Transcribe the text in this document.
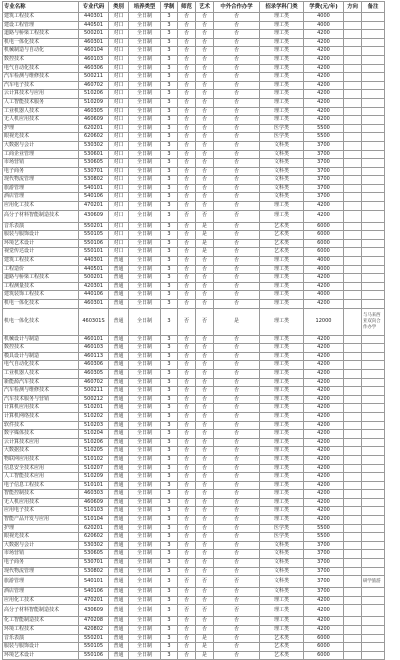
专业名称	专业代码	类别	培养类型	学制	师范	艺术	中外合作办学	招录学科门类	学费(元/年)	方向	备注
建筑工程技术	440301	对口	全日制	3	否	否	否	理工类	4000		
建设工程管理	440501	对口	全日制	3	否	否	否	理工类	4000		
道路与桥梁工程技术	500201	对口	全日制	3	否	否	否	理工类	4200		
机电一体化技术	460301	对口	全日制	3	否	否	否	理工类	4200		
机械制造与自动化	460104	对口	全日制	3	否	否	否	理工类	4200		
数控技术	460103	对口	全日制	3	否	否	否	理工类	4200		
电气自动化技术	460306	对口	全日制	3	否	否	否	理工类	4200		
汽车检测与维修技术	500211	对口	全日制	3	否	否	否	理工类	4200		
汽车电子技术	460702	对口	全日制	3	否	否	否	理工类	4200		
云计算技术与应用	510206	对口	全日制	3	否	否	否	理工类	4200		
人工智能技术服务	510209	对口	全日制	3	否	否	否	理工类	4200		
工业机器人技术	460305	对口	全日制	3	否	否	否	理工类	4200		
无人机应用技术	460609	对口	全日制	3	否	否	否	理工类	4200		
护理	620201	对口	全日制	3	否	否	否	医学类	5500		
眼视光技术	620602	对口	全日制	3	否	否	否	医学类	5500		
大数据与会计	530302	对口	全日制	3	否	否	否	文科类	3700		
工商企业管理	530601	对口	全日制	3	否	否	否	文科类	3700		
市场营销	530605	对口	全日制	3	否	否	否	文科类	3700		
电子商务	530701	对口	全日制	3	否	否	否	文科类	3700		
现代物流管理	530802	对口	全日制	3	否	否	否	文科类	3700		
旅游管理	540101	对口	全日制	3	否	否	否	文科类	3700		
酒店管理	540106	对口	全日制	3	否	否	否	文科类	3700		
应用化工技术	470201	对口	全日制	3	否	否	否	理工类	4200		
高分子材料智能制造技术	430609	对口	全日制	3	否	否	否	理工类	4200		
音乐表演	550201	对口	全日制	3	否	是	否	艺术类	6000		
服装与服饰设计	550105	对口	全日制	3	否	是	否	艺术类	6000		
环境艺术设计	550106	对口	全日制	3	否	是	否	艺术类	6000		
视觉传达设计	550101	对口	全日制	3	否	是	否	艺术类	6000		
建筑工程技术	440301	普通	全日制	3	否	否	否	理工类	4000		
工程造价	440501	普通	全日制	3	否	否	否	理工类	4000		
道路与桥梁工程技术	500201	普通	全日制	3	否	否	否	理工类	4200		
工程测量技术	420301	普通	全日制	3	否	否	否	理工类	4200		
建筑装饰工程技术	440106	普通	全日制	3	否	否	否	理工类	4000		
机电一体化技术	460301	普通	全日制	3	否	否	否	理工类	4200		
机电一体化技术	460301S	普通	全日制	3	否	否	是	理工类	12000		与马来西亚双向合作办学
机械设计与制造	460101	普通	全日制	3	否	否	否	理工类	4200		
数控技术	460103	普通	全日制	3	否	否	否	理工类	4200		
模具设计与制造	460113	普通	全日制	3	否	否	否	理工类	4200		
电气自动化技术	460306	普通	全日制	3	否	否	否	理工类	4200		
工业机器人技术	460305	普通	全日制	3	否	否	否	理工类	4200		
新能源汽车技术	460702	普通	全日制	3	否	否	否	理工类	4200		
汽车检测与维修技术	500211	普通	全日制	3	否	否	否	理工类	4200		
汽车技术服务与营销	500212	普通	全日制	3	否	否	否	理工类	4200		
计算机应用技术	510201	普通	全日制	3	否	否	否	理工类	4200		
计算机网络技术	510202	普通	全日制	3	否	否	否	理工类	4200		
软件技术	510203	普通	全日制	3	否	否	否	理工类	4200		
数字媒体技术	510204	普通	全日制	3	否	否	否	理工类	4200		
云计算技术应用	510206	普通	全日制	3	否	否	否	理工类	4200		
大数据技术	510205	普通	全日制	3	否	否	否	理工类	4200		
物联网应用技术	510102	普通	全日制	3	否	否	否	理工类	4200		
信息安全技术应用	510207	普通	全日制	3	否	否	否	理工类	4200		
人工智能技术应用	510209	普通	全日制	3	否	否	否	理工类	4200		
电子信息工程技术	510101	普通	全日制	3	否	否	否	理工类	4200		
智能控制技术	460303	普通	全日制	3	否	否	否	理工类	4200		
无人机应用技术	460609	普通	全日制	3	否	否	否	理工类	4200		
应用电子技术	510103	普通	全日制	3	否	否	否	理工类	4200		
智能产品开发与应用	510104	普通	全日制	3	否	否	否	理工类	4200		
护理	620201	普通	全日制	3	否	否	否	医学类	5500		
眼视光技术	620602	普通	全日制	3	否	否	否	医学类	5500		
大数据与会计	530302	普通	全日制	3	否	否	否	文科类	3700		
市场营销	530605	普通	全日制	3	否	否	否	文科类	3700		
电子商务	530701	普通	全日制	3	否	否	否	文科类	3700		
现代物流管理	530802	普通	全日制	3	否	否	否	文科类	3700		
旅游管理	540101	普通	全日制	3	否	否	否	文科类	3700		研学旅游
酒店管理	540106	普通	全日制	3	否	否	否	文科类	3700		
应用化工技术	470201	普通	全日制	3	否	否	否	理工类	4200		
高分子材料智能制造技术	430609	普通	全日制	3	否	否	否	理工类	4200		
化工智能制造技术	470208	普通	全日制	3	否	否	否	理工类	4200		
环境工程技术	420802	普通	全日制	3	否	否	否	理工类	4200		
音乐表演	550201	普通	全日制	3	否	是	否	艺术类	6000		
服装与服饰设计	550105	普通	全日制	3	否	是	否	艺术类	6000		
环境艺术设计	550106	普通	全日制	3	否	是	否	艺术类	6000		
